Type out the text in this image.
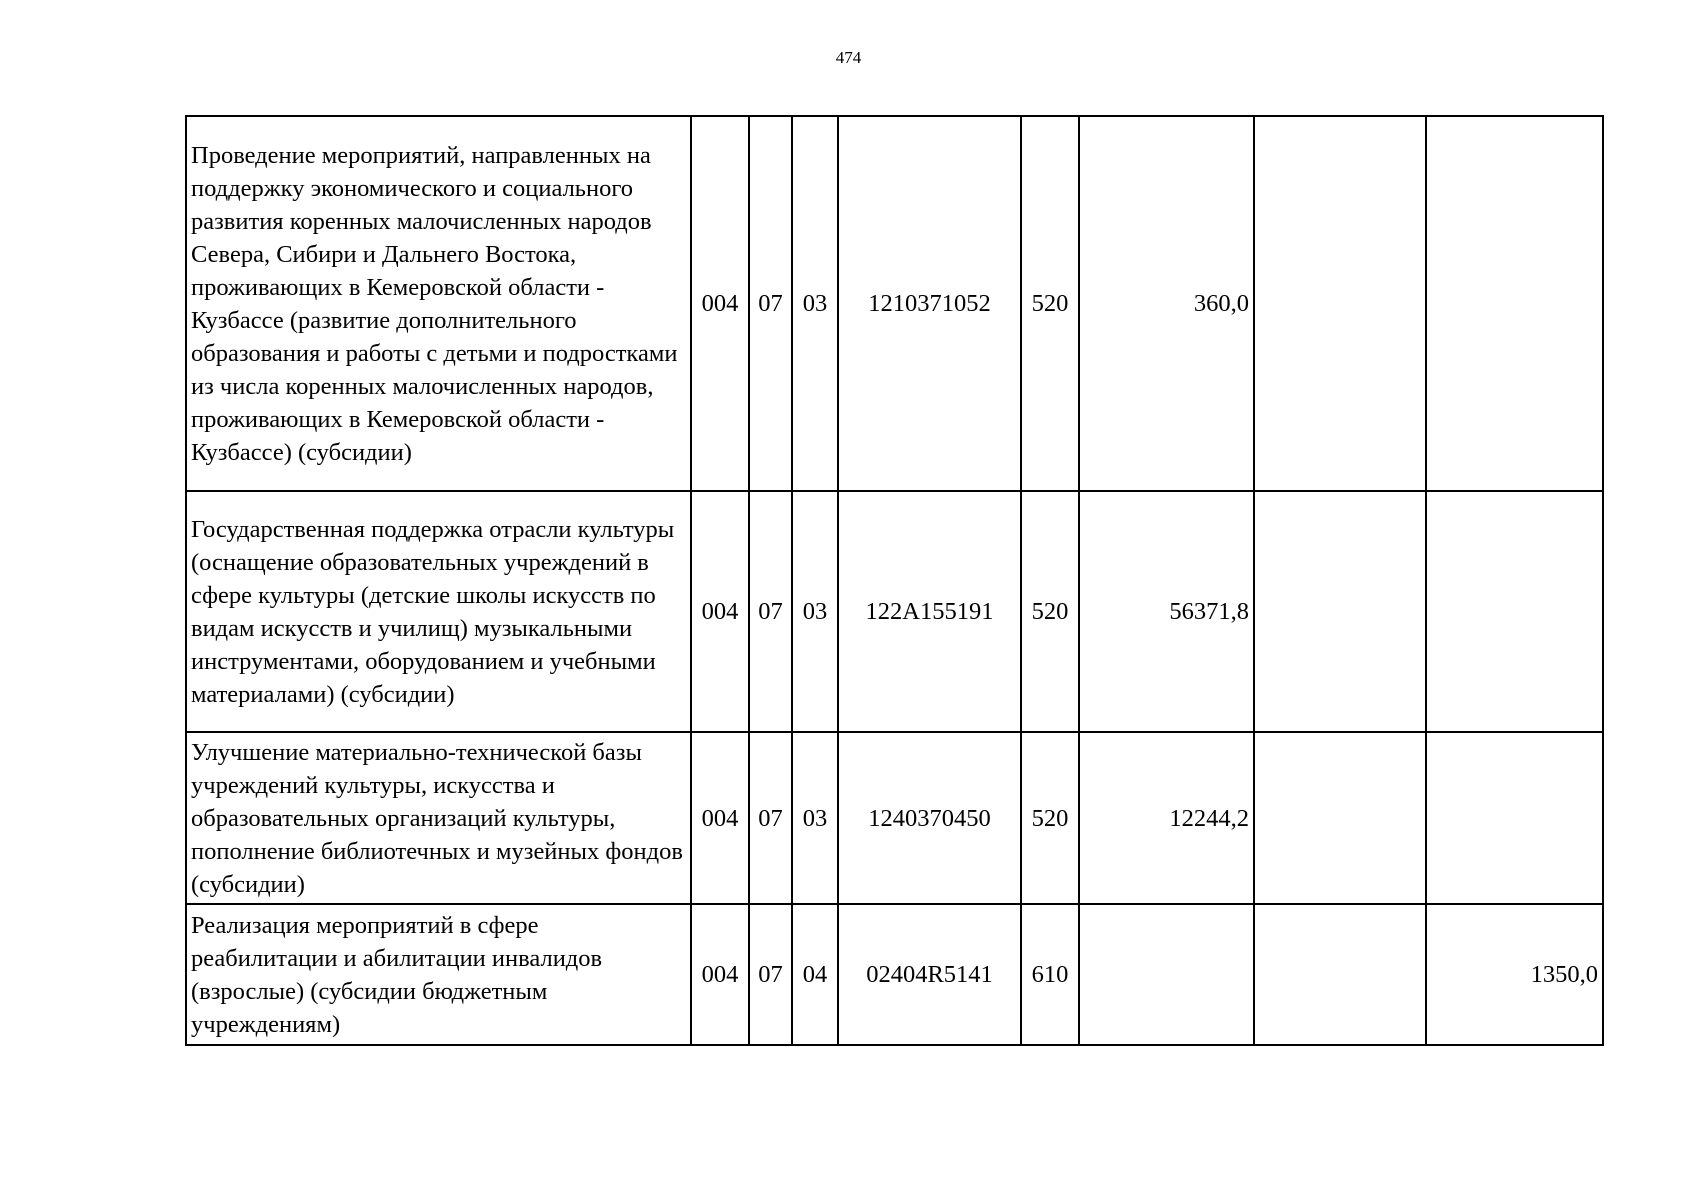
474
Проведение мероприятий, направленных на поддержку экономического и социального развития коренных малочисленных народов Севера, Сибири и Дальнего Востока, проживающих в Кемеровской области - Кузбассе (развитие дополнительного образования и работы с детьми и подростками из числа коренных малочисленных народов, проживающих в Кемеровской области - Кузбассе) (субсидии)	004	07	03	1210371052	520	360,0		
Государственная поддержка отрасли культуры (оснащение образовательных учреждений в сфере культуры (детские школы искусств по видам искусств и училищ) музыкальными инструментами, оборудованием и учебными материалами) (субсидии)	004	07	03	122A155191	520	56371,8		
Улучшение материально-технической базы учреждений культуры, искусства и образовательных организаций культуры, пополнение библиотечных и музейных фондов (субсидии)	004	07	03	1240370450	520	12244,2		
Реализация мероприятий в сфере реабилитации и абилитации инвалидов (взрослые) (субсидии бюджетным учреждениям)	004	07	04	02404R5141	610			1350,0
